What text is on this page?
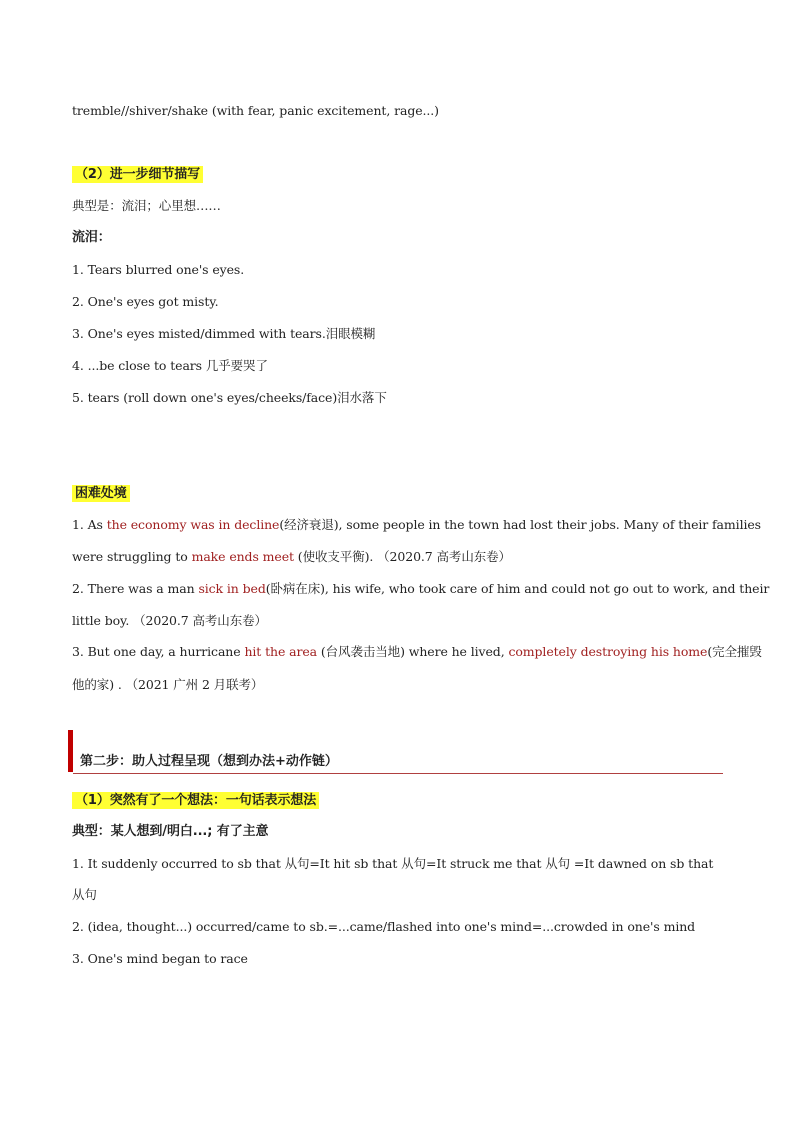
tremble//shiver/shake (with fear, panic excitement, rage...)
（2）进一步细节描写
典型是：流泪；心里想……
流泪：
1. Tears blurred one's eyes.
2. One's eyes got misty.
3. One's eyes misted/dimmed with tears.泪眼模糊
4. ...be close to tears 几乎要哭了
5. tears (roll down one's eyes/cheeks/face)泪水落下
困难处境
1. As the economy was in decline(经济衰退), some people in the town had lost their jobs. Many of their families
were struggling to make ends meet (使收支平衡). （2020.7 高考山东卷）
2. There was a man sick in bed(卧病在床), his wife, who took care of him and could not go out to work, and their
little boy. （2020.7 高考山东卷）
3. But one day, a hurricane hit the area (台风袭击当地) where he lived, completely destroying his home(完全摧毁
他的家) . （2021 广州 2 月联考）
第二步：助人过程呈现（想到办法+动作链）
（1）突然有了一个想法：一句话表示想法
典型：某人想到/明白...; 有了主意
1. It suddenly occurred to sb that 从句=It hit sb that 从句=It struck me that 从句 =It dawned on sb that
从句
2. (idea, thought...) occurred/came to sb.=...came/flashed into one's mind=...crowded in one's mind
3. One's mind began to race
